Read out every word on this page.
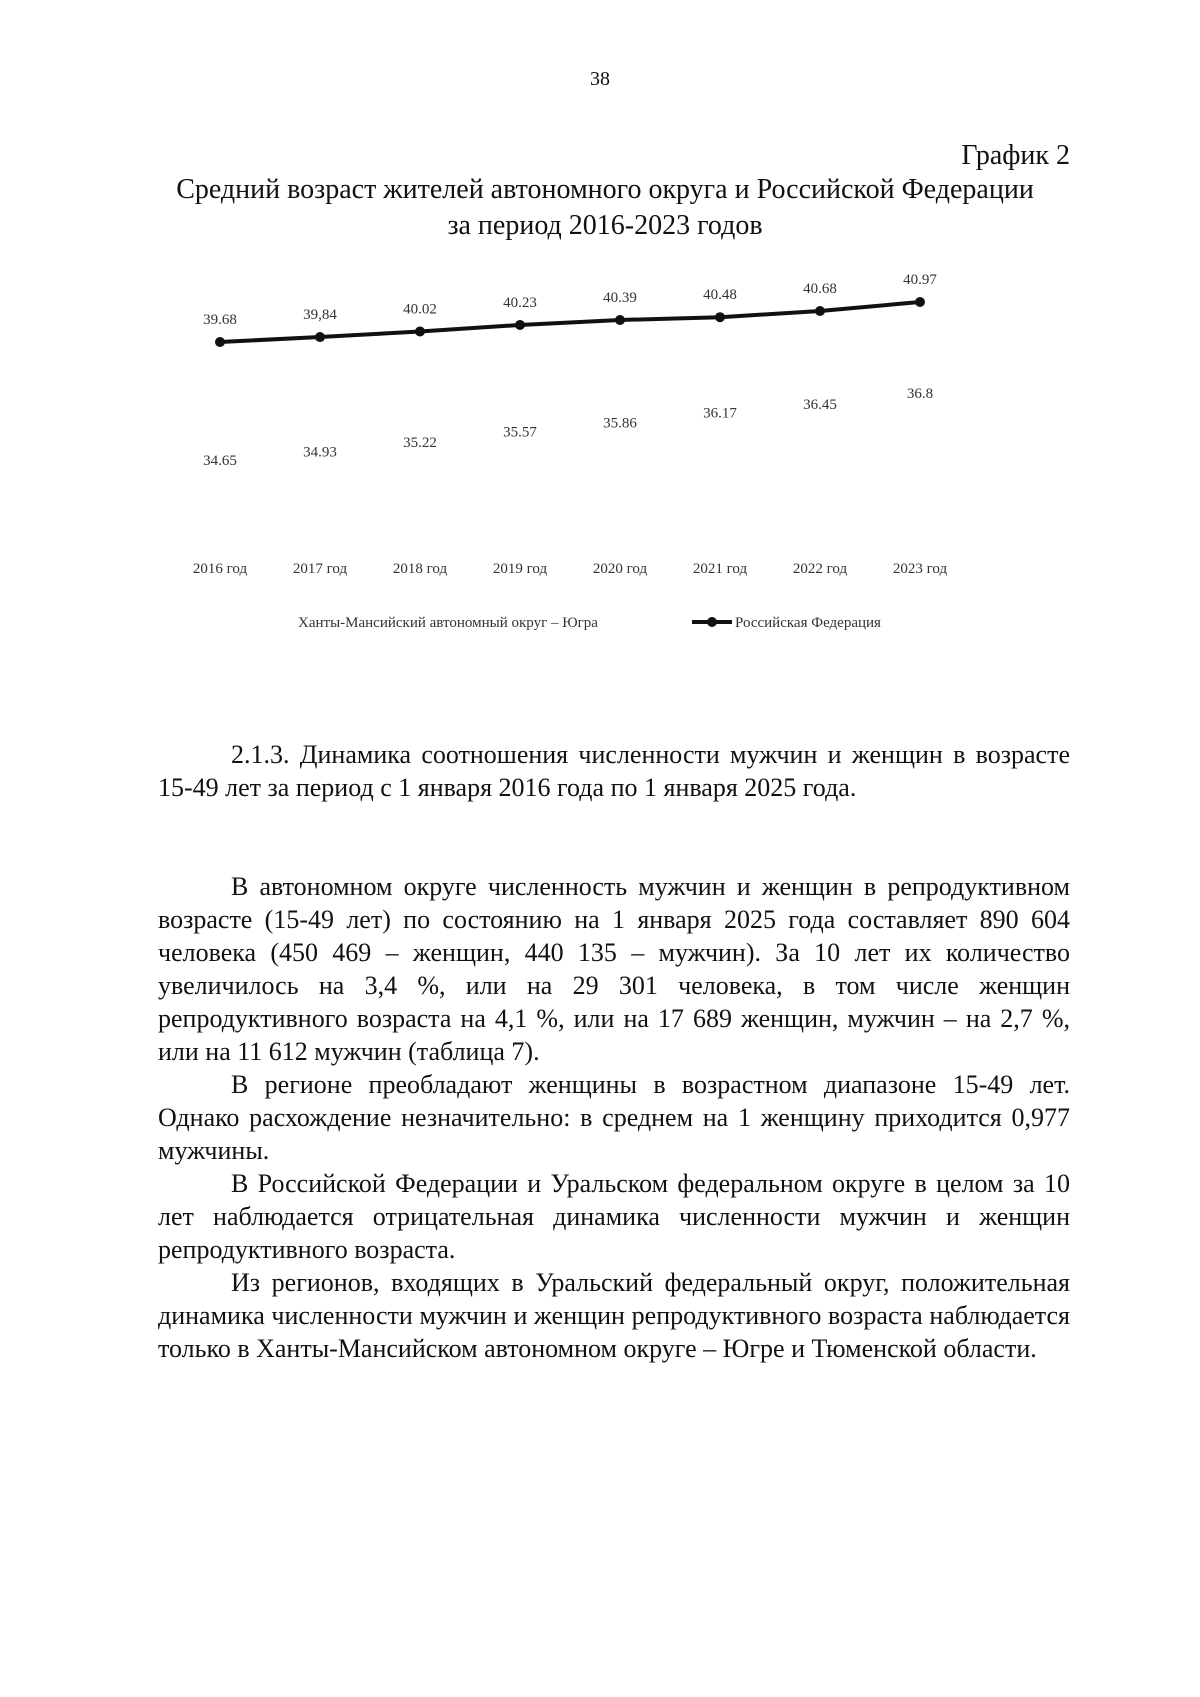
38
График 2
Средний возраст жителей автономного округа и Российской Федерации
за период 2016-2023 годов
34.65
34.93
35.22
35.57
35.86
36.17
36.45
36.8
39.68	39,84	40.02	40.23	40.39	40.48	40.68
40.97
2016 год	2017 год	2018 год	2019 год	2020 год	2021 год	2022 год	2023 год
Ханты-Мансийский автономный округ – Югра	Российская Федерация

2.1.3. Динамика соотношения численности мужчин и женщин в возрасте 15-49 лет за период с 1 января 2016 года по 1 января 2025 года.

В автономном округе численность мужчин и женщин в репродуктивном возрасте (15-49 лет) по состоянию на 1 января 2025 года составляет 890 604 человека (450 469 – женщин, 440 135 – мужчин). За 10 лет их количество увеличилось на 3,4 %, или на 29 301 человека, в том числе женщин репродуктивного возраста на 4,1 %, или на 17 689 женщин, мужчин – на 2,7 %, или на 11 612 мужчин (таблица 7).

В регионе преобладают женщины в возрастном диапазоне 15-49 лет. Однако расхождение незначительно: в среднем на 1 женщину приходится 0,977 мужчины.

В Российской Федерации и Уральском федеральном округе в целом за 10 лет наблюдается отрицательная динамика численности мужчин и женщин репродуктивного возраста.

Из регионов, входящих в Уральский федеральный округ, положительная динамика численности мужчин и женщин репродуктивного возраста наблюдается только в Ханты-Мансийском автономном округе – Югре и Тюменской области.
